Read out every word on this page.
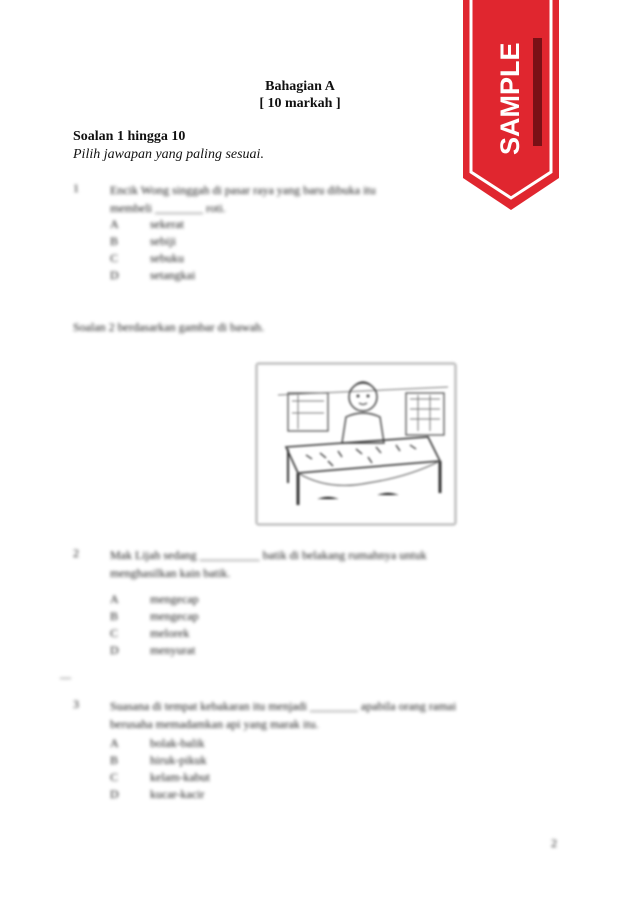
Bahagian A
[ 10 markah ]
Soalan 1 hingga 10
Pilih jawapan yang paling sesuai.
1	Encik Wong singgah di pasar raya yang baru dibuka itu
membeli ________ roti.
A	sekerat
B	sebiji
C	sebuku
D	setangkai
Soalan 2 berdasarkan gambar di bawah.
2	Mak Lijah sedang __________ batik di belakang rumahnya untuk
menghasilkan kain batik.
A	mengecap
B	mengecap
C	melorek
D	menyurat
—
3	Suasana di tempat kebakaran itu menjadi ________ apabila orang ramai
berusaha memadamkan api yang marak itu.
A	bolak-balik
B	hiruk-pikuk
C	kelam-kabut
D	kucar-kacir
2
SAMPLE
